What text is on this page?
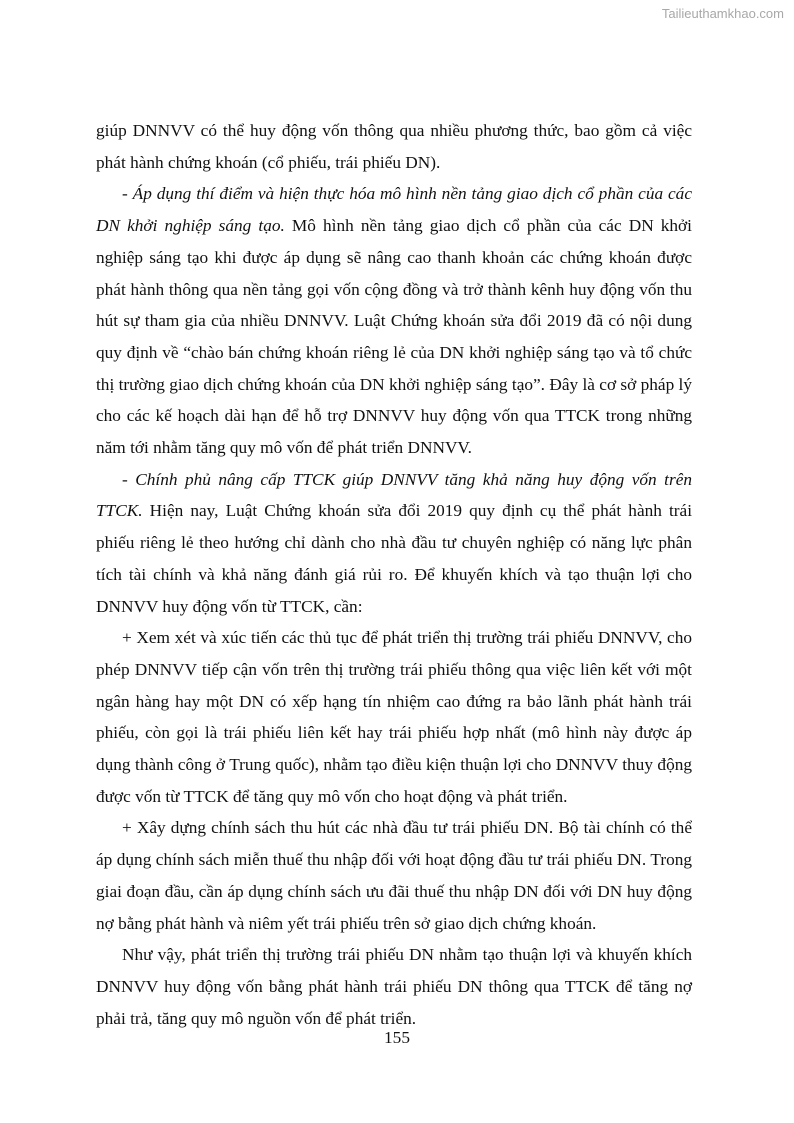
Tailieuthamkhao.com

giúp DNNVV có thể huy động vốn thông qua nhiều phương thức, bao gồm cả việc phát hành chứng khoán (cổ phiếu, trái phiếu DN).

- Áp dụng thí điểm và hiện thực hóa mô hình nền tảng giao dịch cổ phần của các DN khởi nghiệp sáng tạo. Mô hình nền tảng giao dịch cổ phần của các DN khởi nghiệp sáng tạo khi được áp dụng sẽ nâng cao thanh khoản các chứng khoán được phát hành thông qua nền tảng gọi vốn cộng đồng và trở thành kênh huy động vốn thu hút sự tham gia của nhiều DNNVV. Luật Chứng khoán sửa đổi 2019 đã có nội dung quy định về “chào bán chứng khoán riêng lẻ của DN khởi nghiệp sáng tạo và tổ chức thị trường giao dịch chứng khoán của DN khởi nghiệp sáng tạo”. Đây là cơ sở pháp lý cho các kế hoạch dài hạn để hỗ trợ DNNVV huy động vốn qua TTCK trong những năm tới nhằm tăng quy mô vốn để phát triển DNNVV.

- Chính phủ nâng cấp TTCK giúp DNNVV tăng khả năng huy động vốn trên TTCK. Hiện nay, Luật Chứng khoán sửa đổi 2019 quy định cụ thể phát hành trái phiếu riêng lẻ theo hướng chỉ dành cho nhà đầu tư chuyên nghiệp có năng lực phân tích tài chính và khả năng đánh giá rủi ro. Để khuyến khích và tạo thuận lợi cho DNNVV huy động vốn từ TTCK, cần:

+ Xem xét và xúc tiến các thủ tục để phát triển thị trường trái phiếu DNNVV, cho phép DNNVV tiếp cận vốn trên thị trường trái phiếu thông qua việc liên kết với một ngân hàng hay một DN có xếp hạng tín nhiệm cao đứng ra bảo lãnh phát hành trái phiếu, còn gọi là trái phiếu liên kết hay trái phiếu hợp nhất (mô hình này được áp dụng thành công ở Trung quốc), nhằm tạo điều kiện thuận lợi cho DNNVV thuy động được vốn từ TTCK để tăng quy mô vốn cho hoạt động và phát triển.

+ Xây dựng chính sách thu hút các nhà đầu tư trái phiếu DN. Bộ tài chính có thể áp dụng chính sách miễn thuế thu nhập đối với hoạt động đầu tư trái phiếu DN. Trong giai đoạn đầu, cần áp dụng chính sách ưu đãi thuế thu nhập DN đối với DN huy động nợ bằng phát hành và niêm yết trái phiếu trên sở giao dịch chứng khoán.

Như vậy, phát triển thị trường trái phiếu DN nhằm tạo thuận lợi và khuyến khích DNNVV huy động vốn bằng phát hành trái phiếu DN thông qua TTCK để tăng nợ phải trả, tăng quy mô nguồn vốn để phát triển.

155
